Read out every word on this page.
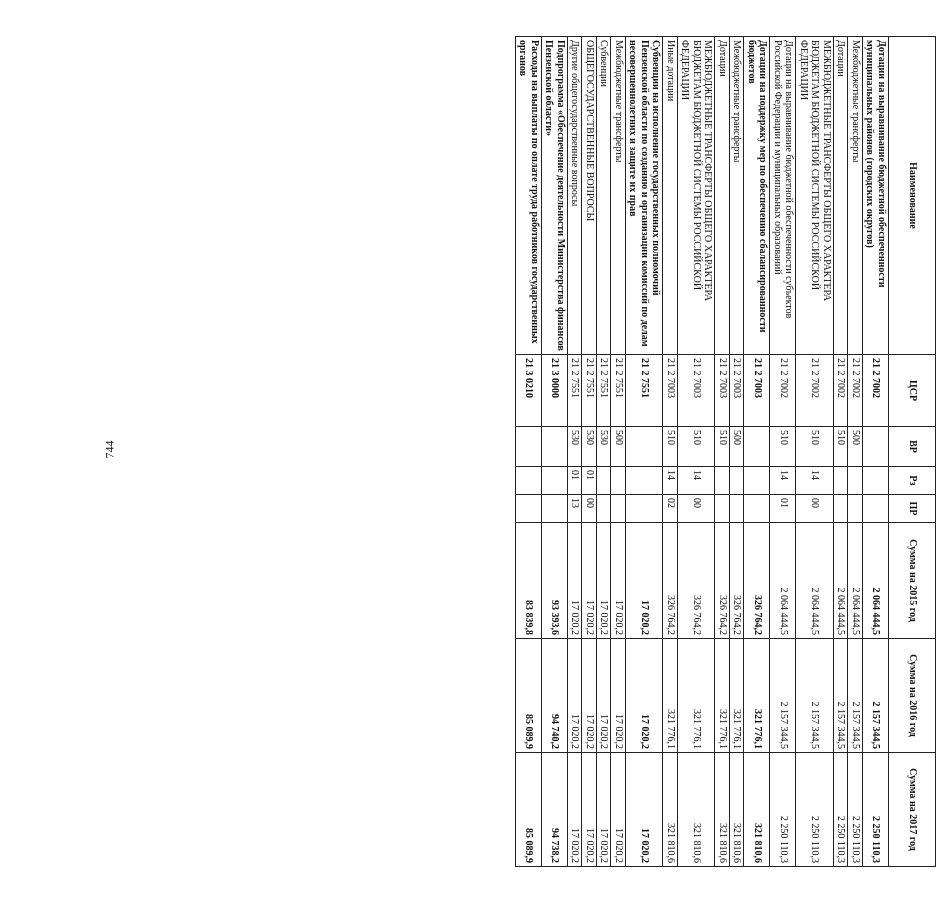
744
Наименование	ЦСР	ВР	Рз	ПР	Сумма на 2015 год	Сумма на 2016 год	Сумма на 2017 год
Дотации на выравнивание бюджетной обеспеченности муниципальных районов (городских округов)	21 2 7002				2 064 444,5	2 157 344,5	2 250 110,3
Межбюджетные трансферты	21 2 7002	500			2 064 444,5	2 157 344,5	2 250 110,3
Дотации	21 2 7002	510			2 064 444,5	2 157 344,5	2 250 110,3
МЕЖБЮДЖЕТНЫЕ ТРАНСФЕРТЫ ОБЩЕГО ХАРАКТЕРА БЮДЖЕТАМ БЮДЖЕТНОЙ СИСТЕМЫ РОССИЙСКОЙ ФЕДЕРАЦИИ	21 2 7002	510	14	00	2 064 444,5	2 157 344,5	2 250 110,3
Дотации на выравнивание бюджетной обеспеченности субъектов Российской Федерации и муниципальных образований	21 2 7002	510	14	01	2 064 444,5	2 157 344,5	2 250 110,3
Дотации на поддержку мер по обеспечению сбалансированности бюджетов	21 2 7003				326 764,2	321 776,1	321 810,6
Межбюджетные трансферты	21 2 7003	500			326 764,2	321 776,1	321 810,6
Дотации	21 2 7003	510			326 764,2	321 776,1	321 810,6
МЕЖБЮДЖЕТНЫЕ ТРАНСФЕРТЫ ОБЩЕГО ХАРАКТЕРА БЮДЖЕТАМ БЮДЖЕТНОЙ СИСТЕМЫ РОССИЙСКОЙ ФЕДЕРАЦИИ	21 2 7003	510	14	00	326 764,2	321 776,1	321 810,6
Иные дотации	21 2 7003	510	14	02	326 764,2	321 776,1	321 810,6
Субвенции на исполнение государственных полномочий Пензенской области по созданию и организации комиссий по делам несовершеннолетних и защите их прав	21 2 7551				17 020,2	17 020,2	17 020,2
Межбюджетные трансферты	21 2 7551	500			17 020,2	17 020,2	17 020,2
Субвенции	21 2 7551	530			17 020,2	17 020,2	17 020,2
ОБЩЕГОСУДАРСТВЕННЫЕ ВОПРОСЫ	21 2 7551	530	01	00	17 020,2	17 020,2	17 020,2
Другие общегосударственные вопросы	21 2 7551	530	01	13	17 020,2	17 020,2	17 020,2
Подпрограмма «Обеспечение деятельности Министерства финансов Пензенской области»	21 3 0000				93 393,6	94 740,2	94 738,2
Расходы на выплаты по оплате труда работников государственных органов	21 3 0210				83 839,8	85 089,9	85 089,9
